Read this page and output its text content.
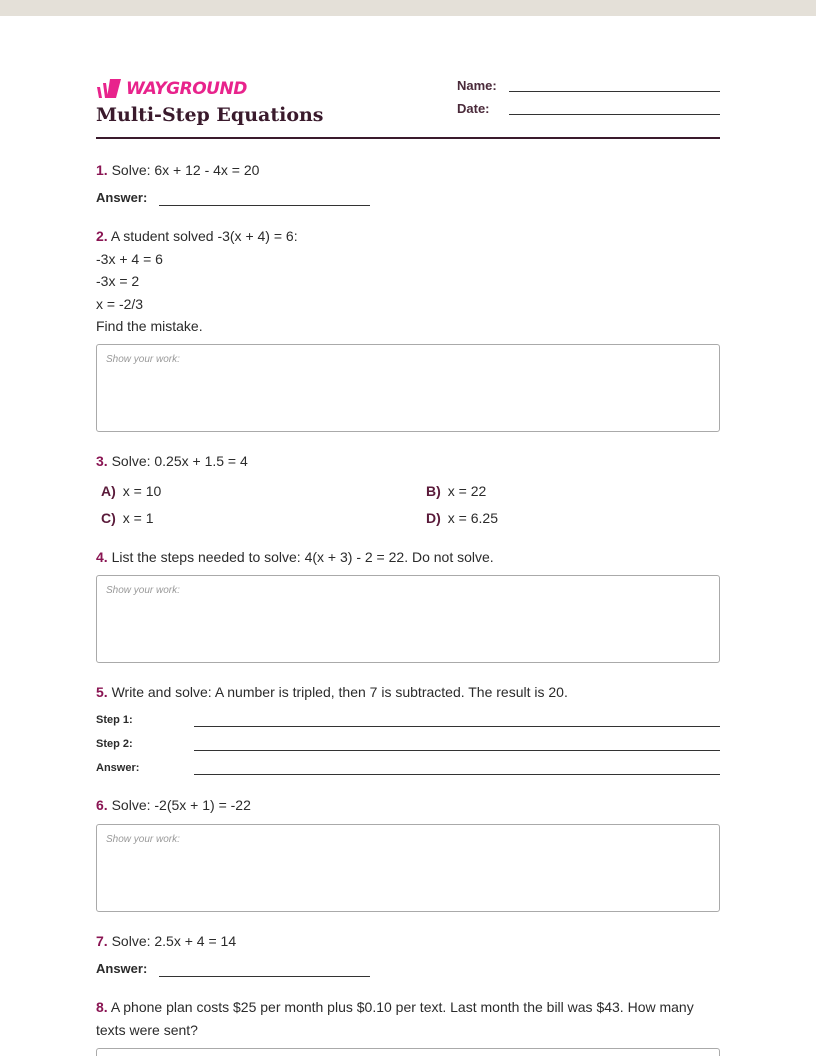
WAYGROUND
Multi-Step Equations
Name:
Date:
1. Solve: 6x + 12 - 4x = 20
Answer:
2. A student solved -3(x + 4) = 6:
-3x + 4 = 6
-3x = 2
x = -2/3
Find the mistake.
Show your work:
3. Solve: 0.25x + 1.5 = 4
A) x = 10	B) x = 22
C) x = 1	D) x = 6.25
4. List the steps needed to solve: 4(x + 3) - 2 = 22. Do not solve.
Show your work:
5. Write and solve: A number is tripled, then 7 is subtracted. The result is 20.
Step 1:
Step 2:
Answer:
6. Solve: -2(5x + 1) = -22
Show your work:
7. Solve: 2.5x + 4 = 14
Answer:
8. A phone plan costs $25 per month plus $0.10 per text. Last month the bill was $43. How many texts were sent?
